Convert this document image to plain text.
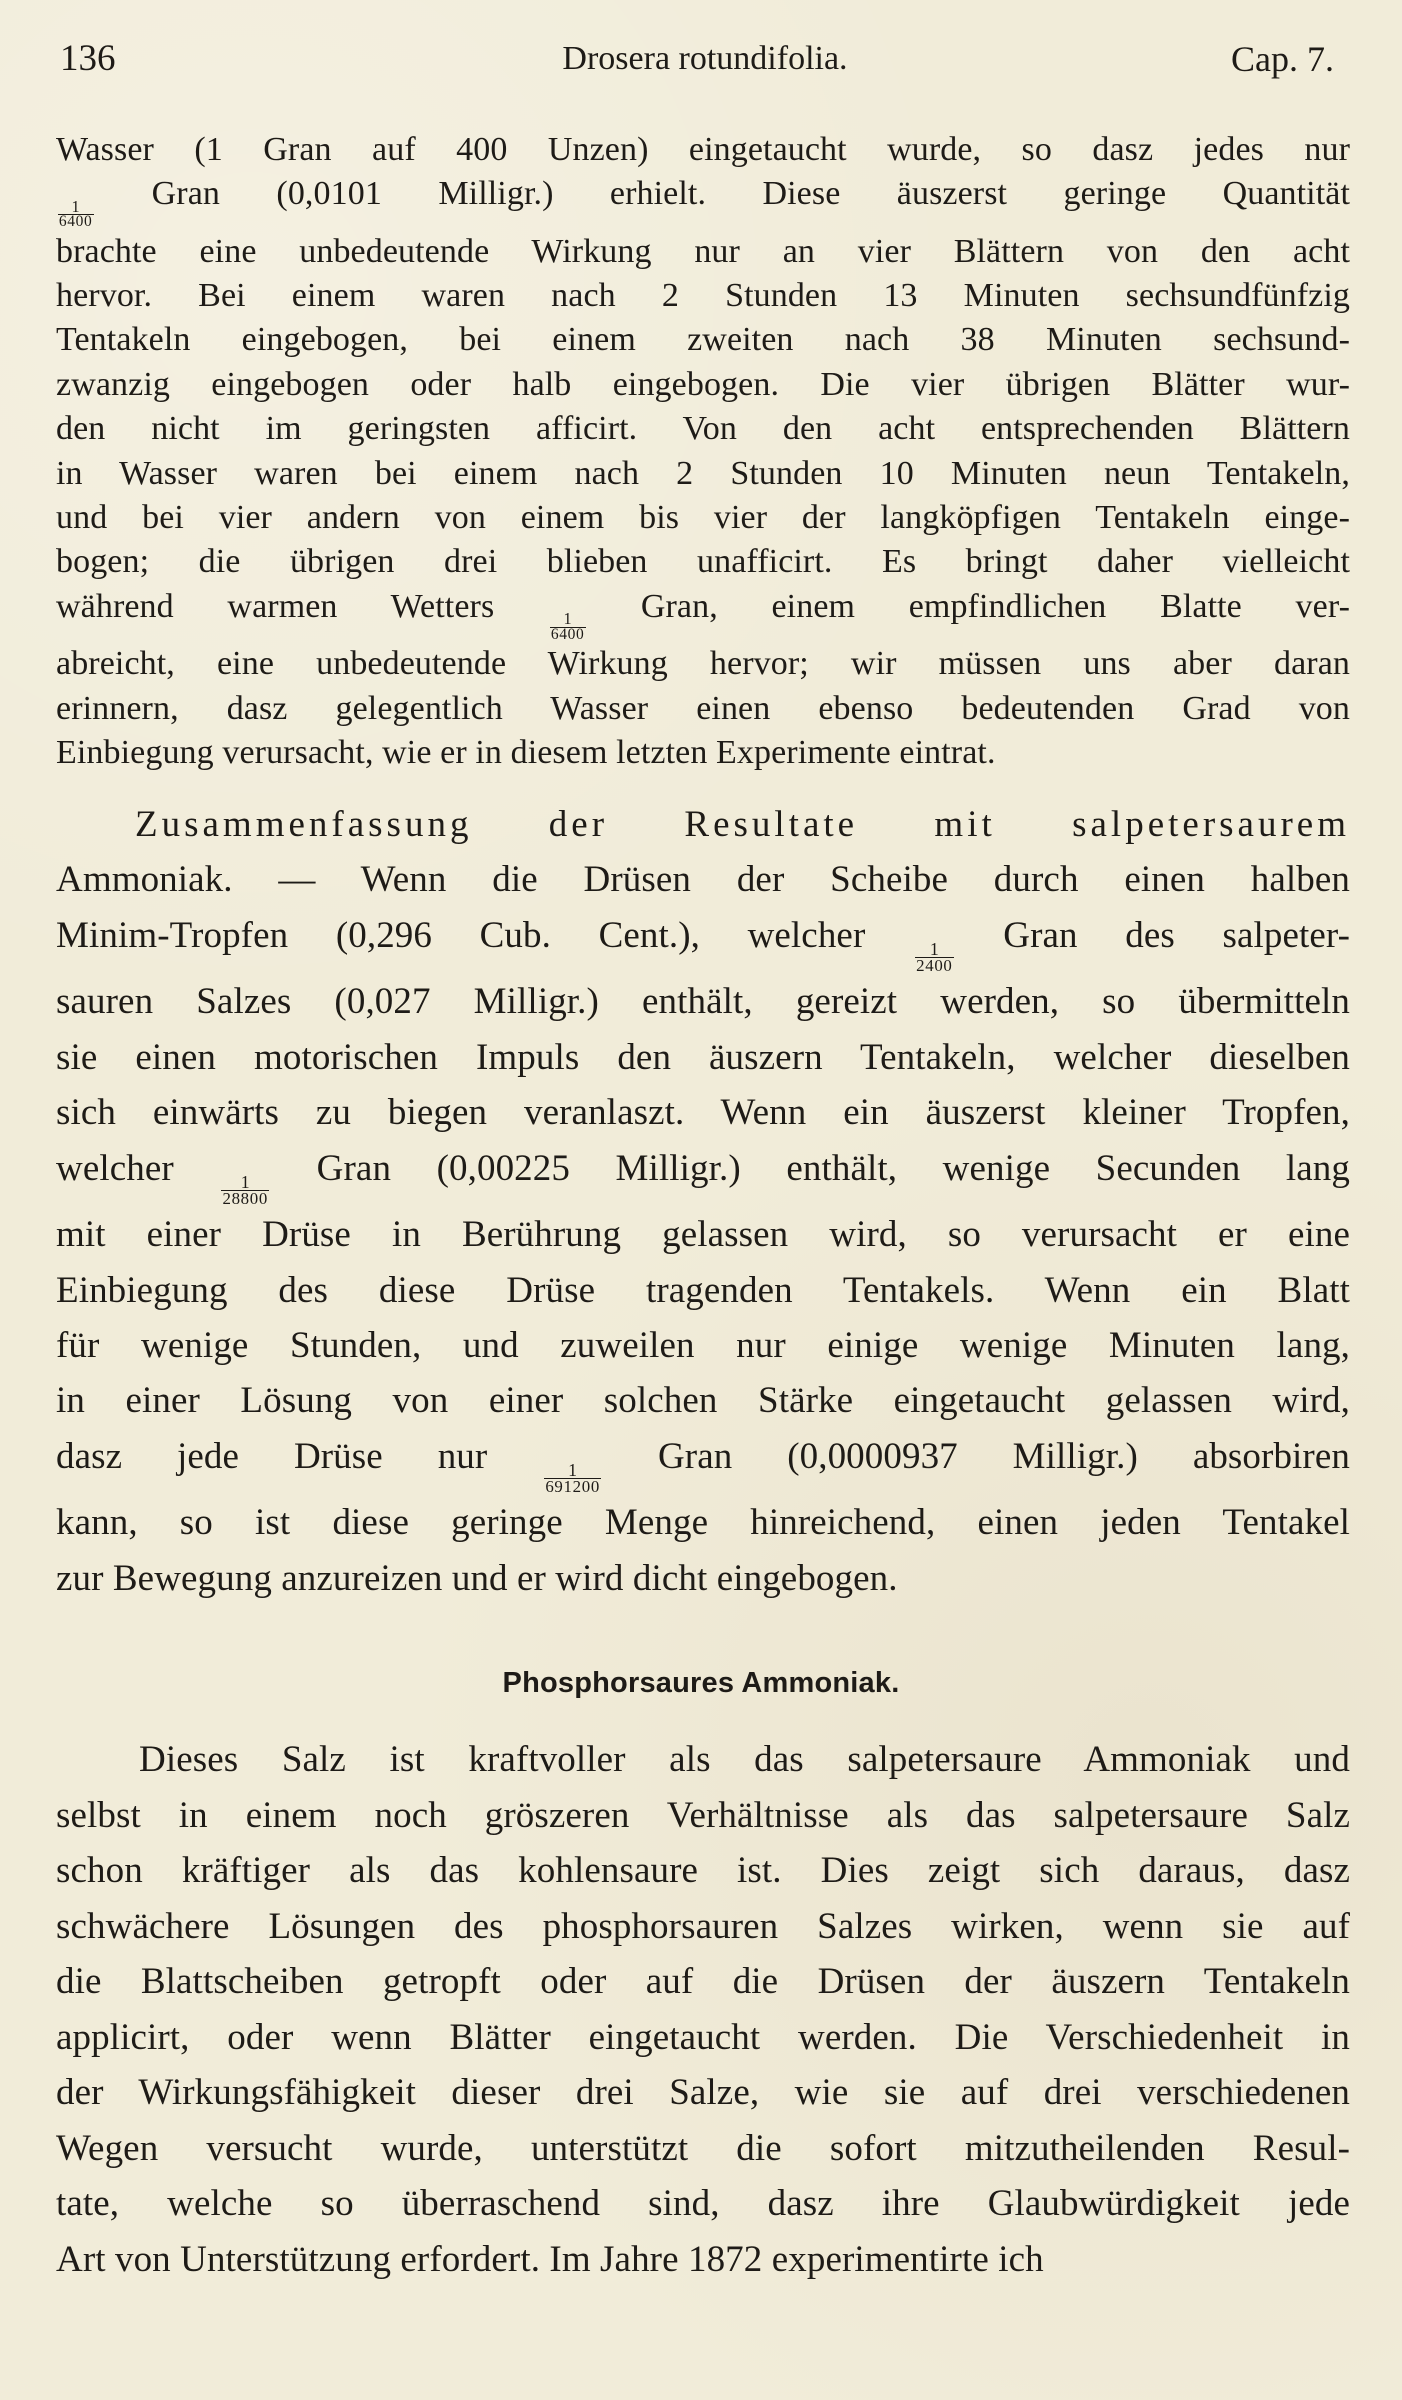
136	Drosera rotundifolia.	Cap. 7.
Wasser (1 Gran auf 400 Unzen) eingetaucht wurde, so dasz jedes nur
$\frac{1}{6400}$
Gran (0,0101 Milligr.) erhielt. Diese äuszerst geringe Quantität
brachte eine unbedeutende Wirkung nur an vier Blättern von den acht
hervor. Bei einem waren nach 2 Stunden 13 Minuten sechsundfünfzig
Tentakeln eingebogen, bei einem zweiten nach 38 Minuten sechsund-
zwanzig eingebogen oder halb eingebogen. Die vier übrigen Blätter wur-
den nicht im geringsten afficirt. Von den acht entsprechenden Blättern
in Wasser waren bei einem nach 2 Stunden 10 Minuten neun Tentakeln,
und bei vier andern von einem bis vier der langköpfigen Tentakeln einge-
bogen; die übrigen drei blieben unafficirt. Es bringt daher vielleicht
während warmen Wetters
$\frac{1}{6400}$
Gran, einem empfindlichen Blatte ver-
abreicht, eine unbedeutende Wirkung hervor; wir müssen uns aber daran
erinnern, dasz gelegentlich Wasser einen ebenso bedeutenden Grad von
Einbiegung verursacht, wie er in diesem letzten Experimente eintrat.
Zusammenfassung der Resultate mit salpetersaurem
Ammoniak. — Wenn die Drüsen der Scheibe durch einen halben
Minim-Tropfen (0,296 Cub. Cent.), welcher
$\frac{1}{2400}$
Gran des salpeter-
sauren Salzes (0,027 Milligr.) enthält, gereizt werden, so übermitteln
sie einen motorischen Impuls den äuszern Tentakeln, welcher dieselben
sich einwärts zu biegen veranlaszt. Wenn ein äuszerst kleiner Tropfen,
welcher
$\frac{1}{28800}$
Gran (0,00225 Milligr.) enthält, wenige Secunden lang
mit einer Drüse in Berührung gelassen wird, so verursacht er eine
Einbiegung des diese Drüse tragenden Tentakels. Wenn ein Blatt
für wenige Stunden, und zuweilen nur einige wenige Minuten lang,
in einer Lösung von einer solchen Stärke eingetaucht gelassen wird,
dasz jede Drüse nur
$\frac{1}{691200}$
Gran (0,0000937 Milligr.) absorbiren
kann, so ist diese geringe Menge hinreichend, einen jeden Tentakel
zur Bewegung anzureizen und er wird dicht eingebogen.
Phosphorsaures Ammoniak.
Dieses Salz ist kraftvoller als das salpetersaure Ammoniak und
selbst in einem noch gröszeren Verhältnisse als das salpetersaure Salz
schon kräftiger als das kohlensaure ist. Dies zeigt sich daraus, dasz
schwächere Lösungen des phosphorsauren Salzes wirken, wenn sie auf
die Blattscheiben getropft oder auf die Drüsen der äuszern Tentakeln
applicirt, oder wenn Blätter eingetaucht werden. Die Verschiedenheit in
der Wirkungsfähigkeit dieser drei Salze, wie sie auf drei verschiedenen
Wegen versucht wurde, unterstützt die sofort mitzutheilenden Resul-
tate, welche so überraschend sind, dasz ihre Glaubwürdigkeit jede
Art von Unterstützung erfordert. Im Jahre 1872 experimentirte ich
